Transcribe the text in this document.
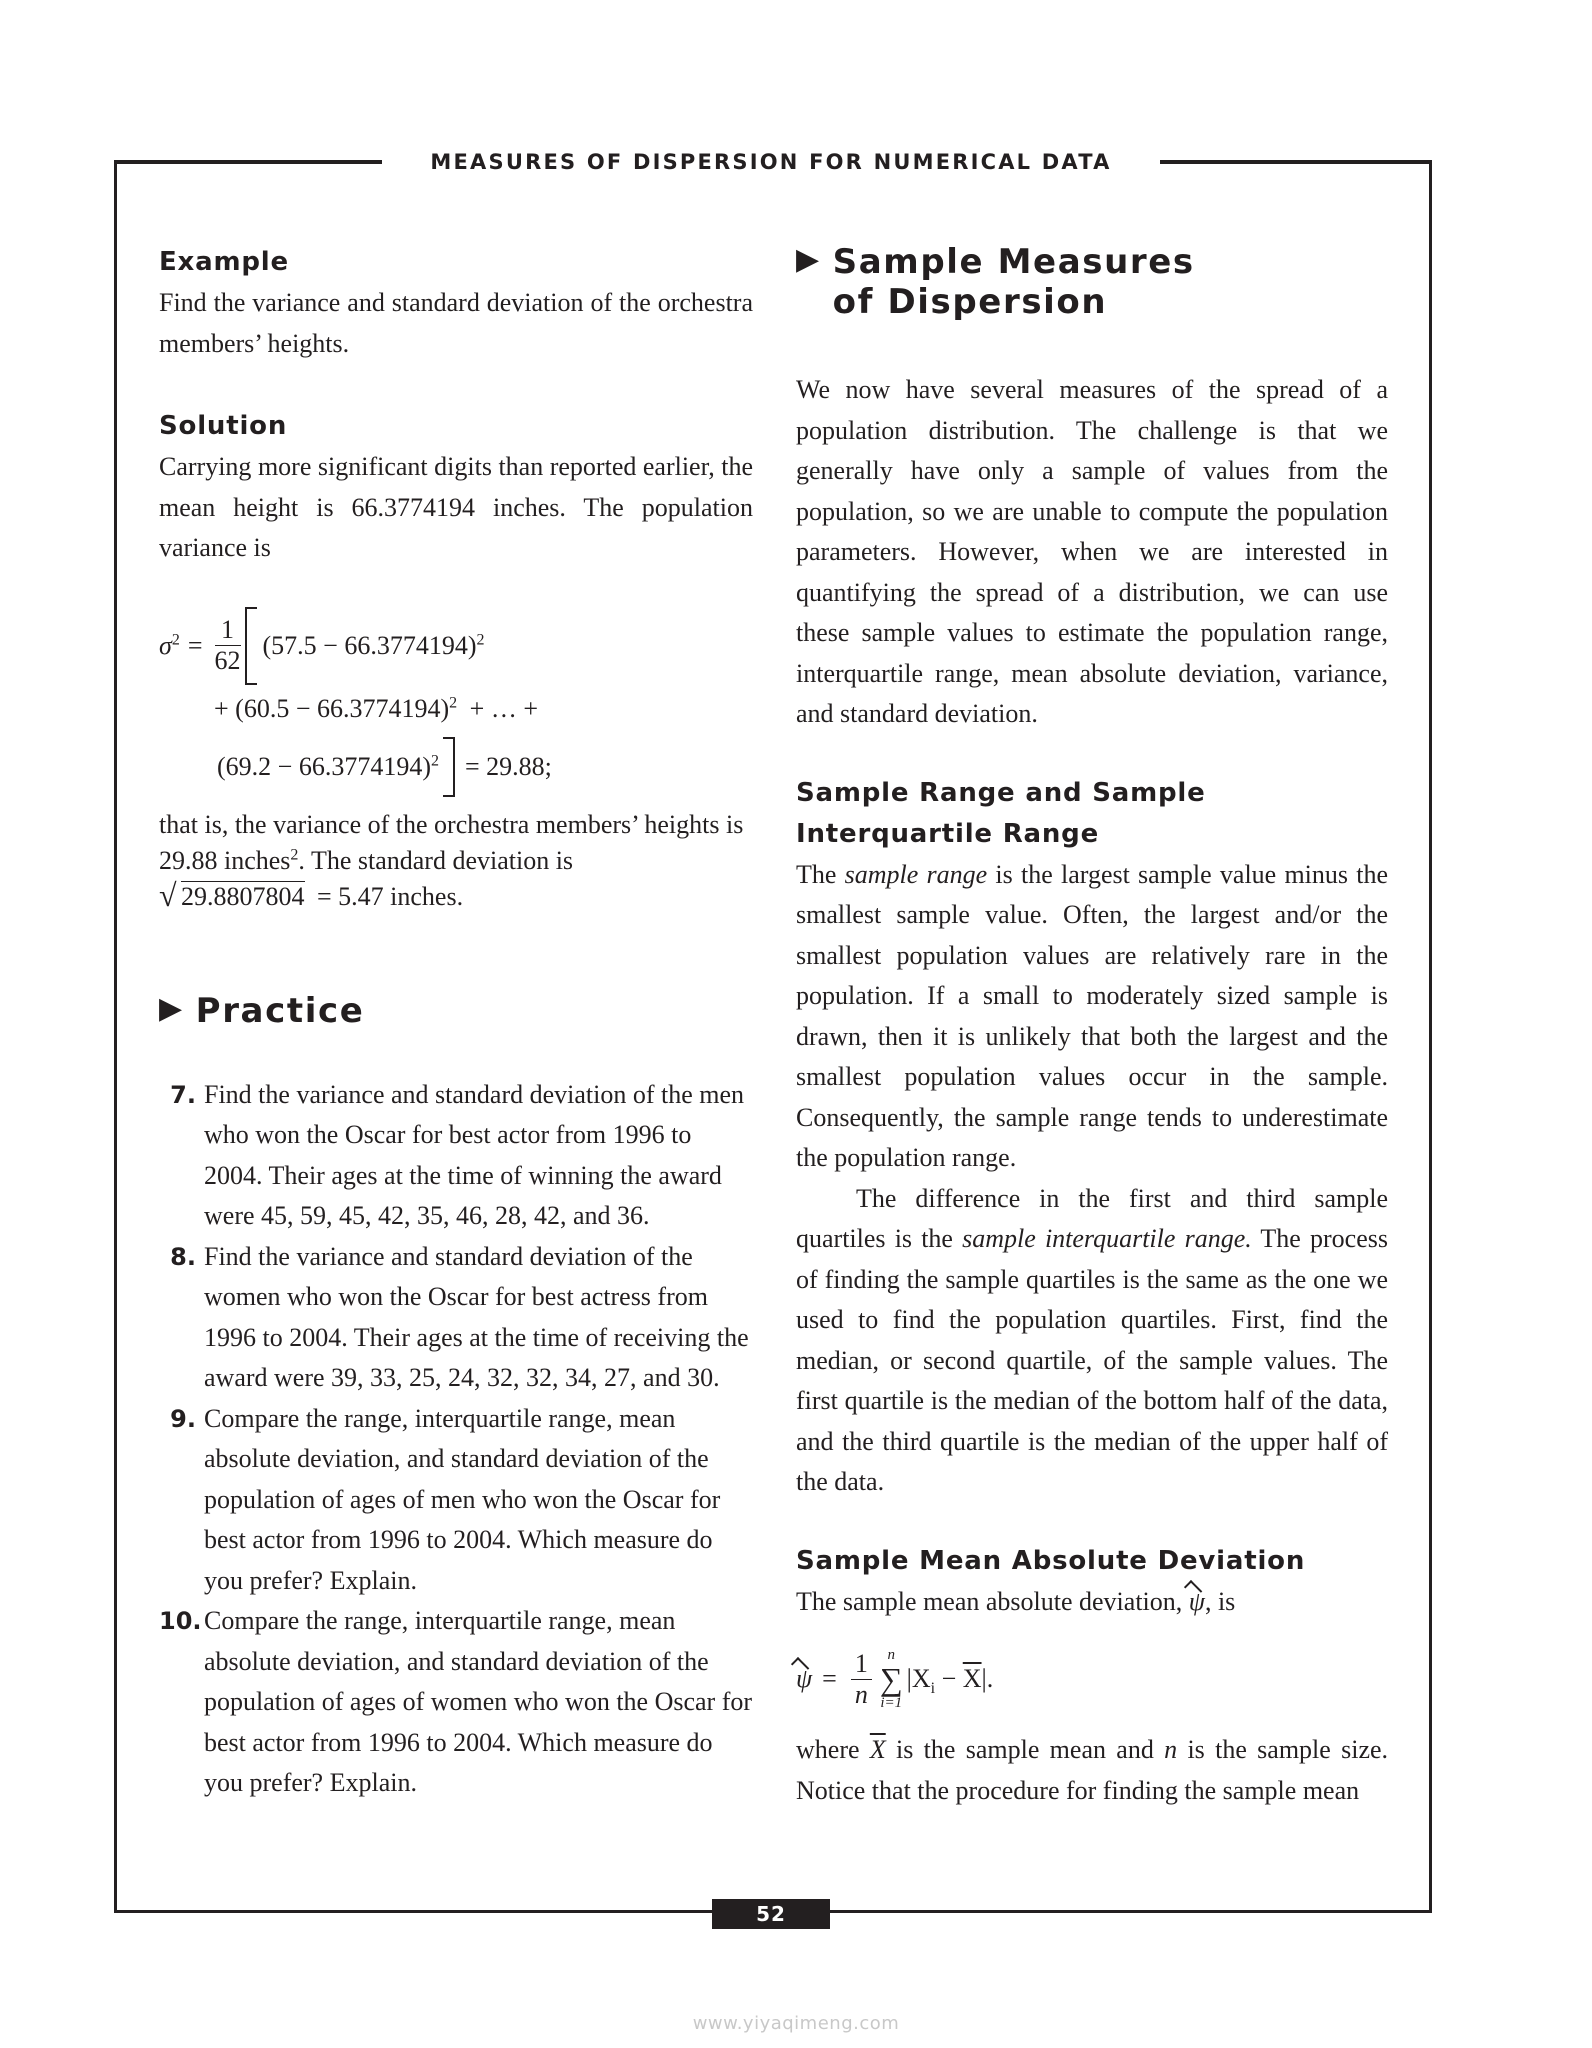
MEASURES OF DISPERSION FOR NUMERICAL DATA
Example

Find the variance and standard deviation of the orchestra members’ heights.

Solution

Carrying more significant digits than reported earlier, the mean height is 66.3774194 inches. The population variance is

$\sigma^2 = \frac{1}{62} (57.5 - 66.3774194)^2$
+ $(60.5 - 66.3774194)^2$ + … +
$(69.2 - 66.3774194)^2 = 29.88$;

that is, the variance of the orchestra members’ heights is 29.88 inches$^2$. The standard deviation is

√ 29.8807804 = 5.47 inches.

▶ Practice
7. Find the variance and standard deviation of the men who won the Oscar for best actor from 1996 to 2004. Their ages at the time of winning the award were 45, 59, 45, 42, 35, 46, 28, 42, and 36.
8. Find the variance and standard deviation of the women who won the Oscar for best actress from 1996 to 2004. Their ages at the time of receiving the award were 39, 33, 25, 24, 32, 32, 34, 27, and 30.
9. Compare the range, interquartile range, mean absolute deviation, and standard deviation of the population of ages of men who won the Oscar for best actor from 1996 to 2004. Which measure do you prefer? Explain.
10. Compare the range, interquartile range, mean absolute deviation, and standard deviation of the population of ages of women who won the Oscar for best actor from 1996 to 2004. Which measure do you prefer? Explain.
▶ Sample Measures of Dispersion

We now have several measures of the spread of a population distribution. The challenge is that we generally have only a sample of values from the population, so we are unable to compute the population parameters. However, when we are interested in quantifying the spread of a distribution, we can use these sample values to estimate the population range, interquartile range, mean absolute deviation, variance, and standard deviation.

Sample Range and Sample Interquartile Range

The sample range is the largest sample value minus the smallest sample value. Often, the largest and/or the smallest population values are relatively rare in the population. If a small to moderately sized sample is drawn, then it is unlikely that both the largest and the smallest population values occur in the sample. Consequently, the sample range tends to underestimate the population range.

The difference in the first and third sample quartiles is the sample interquartile range. The process of finding the sample quartiles is the same as the one we used to find the population quartiles. First, find the median, or second quartile, of the sample values. The first quartile is the median of the bottom half of the data, and the third quartile is the median of the upper half of the data.

Sample Mean Absolute Deviation

The sample mean absolute deviation, ψ, is

$\psi = \frac{1}{n}$	n
∑
i=1
$|X_i - \overline{X}|$.

where $\overline{X}$ is the sample mean and n is the sample size. Notice that the procedure for finding the sample mean

52
www.yiyaqimeng.com
